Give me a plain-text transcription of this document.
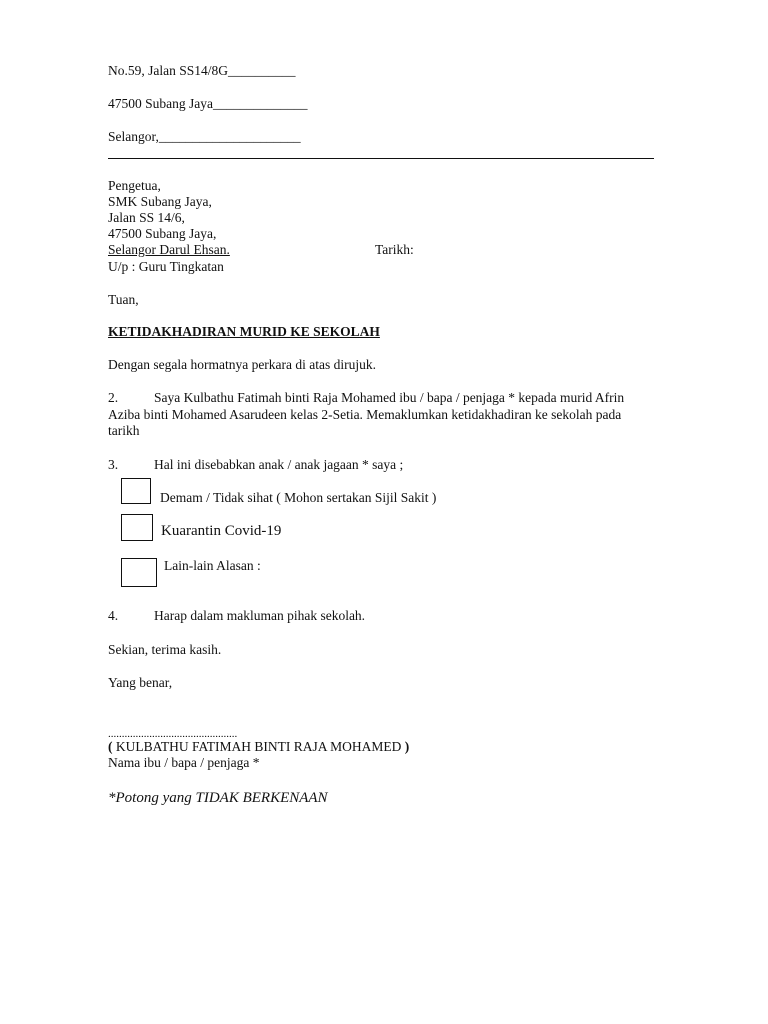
No.59, Jalan SS14/8G__________
47500 Subang Jaya______________
Selangor,_____________________
Pengetua,
SMK Subang Jaya,
Jalan SS 14/6,
47500 Subang Jaya,
Selangor Darul Ehsan.	Tarikh:
U/p : Guru Tingkatan
Tuan,
KETIDAKHADIRAN MURID KE SEKOLAH
Dengan segala hormatnya perkara di atas dirujuk.
2.	Saya Kulbathu Fatimah binti Raja Mohamed ibu / bapa / penjaga * kepada murid Afrin Aziba binti Mohamed Asarudeen kelas 2-Setia. Memaklumkan ketidakhadiran ke sekolah pada tarikh
3.	Hal ini disebabkan anak / anak jagaan * saya ;
Demam / Tidak sihat ( Mohon sertakan Sijil Sakit )
Kuarantin Covid-19
Lain-lain Alasan :
4.	Harap dalam makluman pihak sekolah.
Sekian, terima kasih.
Yang benar,
...............................................
( KULBATHU FATIMAH BINTI RAJA MOHAMED )
Nama ibu / bapa / penjaga *
*Potong yang TIDAK BERKENAAN
